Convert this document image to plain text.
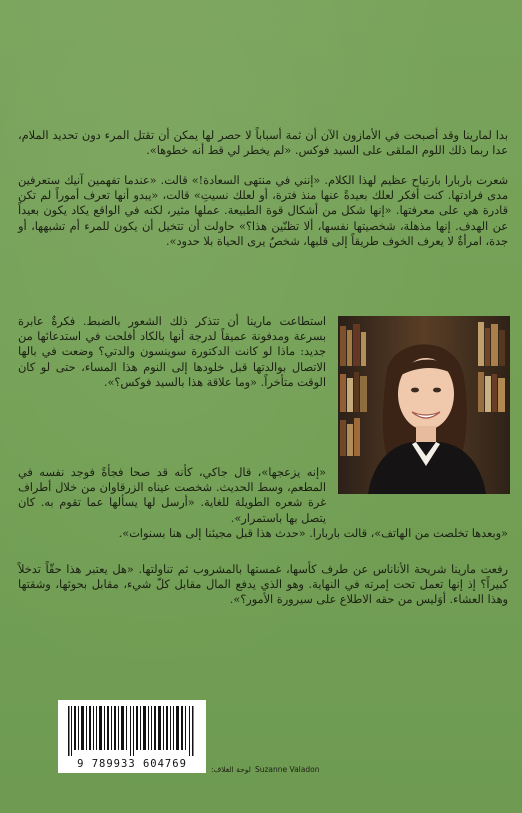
بدا لمارينا وقد أصبحت في الأمازون الآن أن ثمة أسباباً لا حصر لها يمكن أن تقتل المرء دون تحديد الملام، عدا ربما ذلك اللوم الملقى على السيد فوكس. «لم يخطر لي قط أنه خطوها».

شعرت باربارا بارتياح عظيم لهذا الكلام. «إنني في منتهى السعادة!» قالت. «عندما تفهمين آنيك ستعرفين مدى فرادتها. كنت أفكر لعلك بعيدةً عنها منذ فترة، أو لعلك نسيتِ» قالت، «يبدو أنها تعرف أموراً لم تكن قادرة هي على معرفتها. «إنها شكل من أشكال قوة الطبيعة. عملها مثير، لكنه في الواقع يكاد يكون بعيداً عن الهدف. إنها مذهلة، شخصيتها نفسها، ألا تظنّين هذا؟» حاولت أن تتخيل أن يكون للمرء أم تشبهها، أو جدة، امرأةٌ لا يعرف الخوف طريقاً إلى قلبها، شخصٌ يرى الحياة بلا حدود».

استطاعت مارينا أن تتذكر ذلك الشعور بالضبط. فكرةٌ عابرة بسرعة ومدفونة عميقاً لدرجة أنها بالكاد أفلحت في استدعائها من جديد: ماذا لو كانت الدكتورة سوينسون والدتي؟ وضعت في بالها الاتصال بوالدتها قبل خلودها إلى النوم هذا المساء، حتى لو كان الوقت متأخراً. «وما علاقة هذا بالسيد فوكس؟».

«إنه يزعجها»، قال جاكي، كأنه قد صحا فجأةً فوجد نفسه في المطعم، وسط الحديث. شخصت عيناه الزرقاوان من خلال أطراف غرة شعره الطويلة للغاية. «أرسل لها يسألها عما تقوم به. كان يتصل بها باستمرار».

«وبعدها تخلصت من الهاتف»، قالت باربارا. «حدث هذا قبل مجيئنا إلى هنا بسنوات».

رفعت مارينا شريحة الأناناس عن طرف كأسها، غمستها بالمشروب ثم تناولتها. «هل يعتبر هذا حقّاً تدخلاً كبيراً؟ إذ إنها تعمل تحت إمرته في النهاية. وهو الذي يدفع المال مقابل كلّ شيء، مقابل بحوثها، وشقتها وهذا العشاء. أوَليس من حقه الاطلاع على سيرورة الأمور؟».

9 789933 604769	لوحة الغلاف: Suzanne Valadon
